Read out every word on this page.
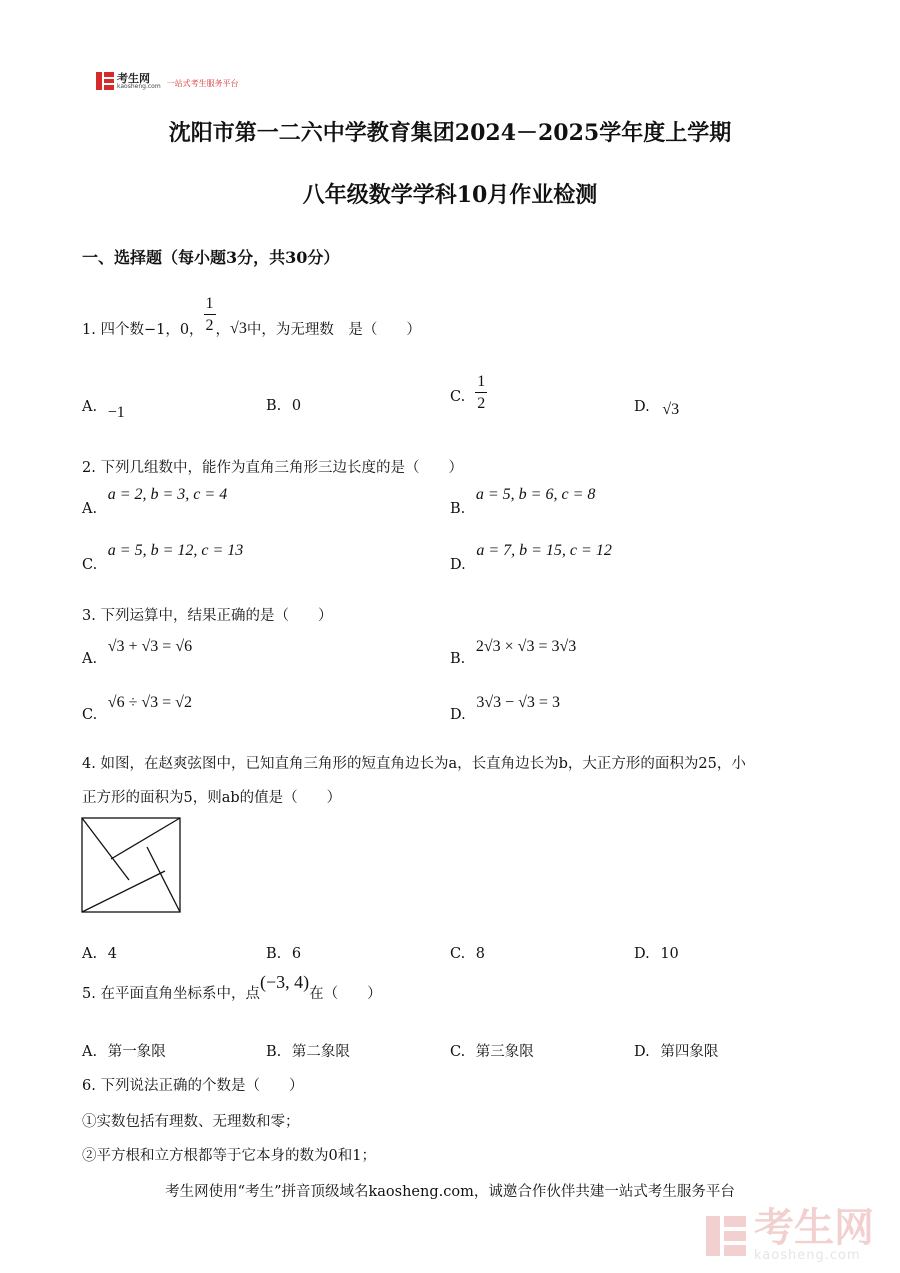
考生网
kaosheng.com 一站式考生服务平台
沈阳市第一二六中学教育集团2024－2025学年度上学期
八年级数学学科10月作业检测
一、选择题（每小题3分，共30分）
1. 四个数−1，0， $\frac{1}{2}$ ， √3 中，为无理数　是（　　）
A. −1	B. 0
C. $\frac{1}{2}$	D. √3
2. 下列几组数中，能作为直角三角形三边长度的是（　　）
A. a = 2, b = 3, c = 4
B. a = 5, b = 6, c = 8
C. a = 5, b = 12, c = 13
D. a = 7, b = 15, c = 12
3. 下列运算中，结果正确的是（　　）
A. √3 + √3 = √6
B. 2√3 × √3 = 3√3
C. √6 ÷ √3 = √2
D. 3√3 − √3 = 3
4. 如图，在赵爽弦图中，已知直角三角形的短直角边长为a，长直角边长为b，大正方形的面积为25，小
正方形的面积为5，则ab的值是（　　）
A. 4	B. 6	C. 8	D. 10
5. 在平面直角坐标系中，点
(−3, 4)
在（　　）
A. 第一象限	B. 第二象限	C. 第三象限	D. 第四象限
6. 下列说法正确的个数是（　　）
①实数包括有理数、无理数和零；
②平方根和立方根都等于它本身的数为0和1；
考生网使用“考生”拼音顶级域名kaosheng.com，诚邀合作伙伴共建一站式考生服务平台
考生网
kaosheng.com
